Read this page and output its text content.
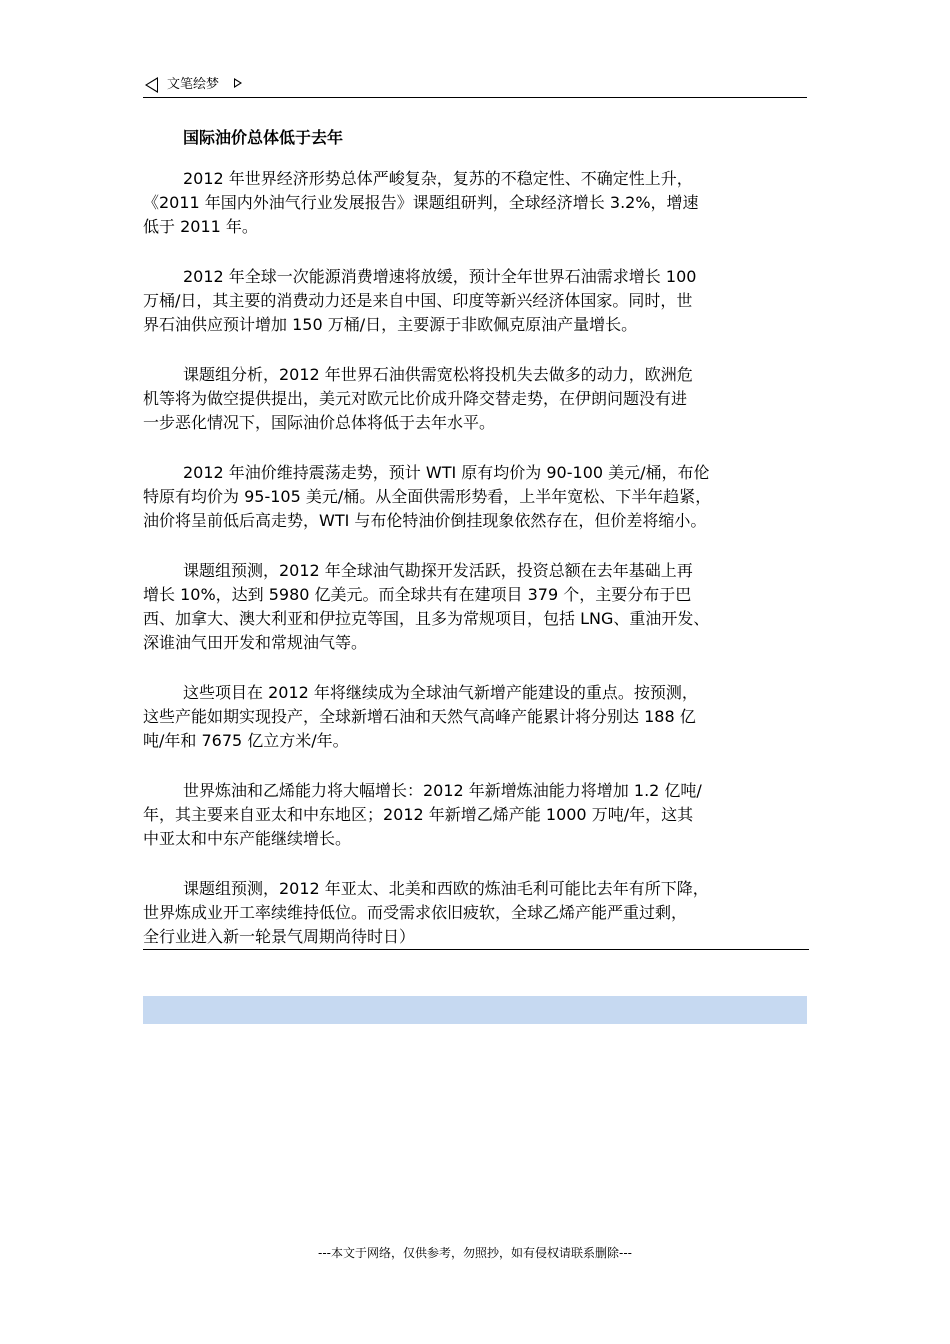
文笔绘梦
国际油价总体低于去年

2012 年世界经济形势总体严峻复杂，复苏的不稳定性、不确定性上升，
《2011 年国内外油气行业发展报告》课题组研判，全球经济增长 3.2%，增速
低于 2011 年。

2012 年全球一次能源消费增速将放缓，预计全年世界石油需求增长 100
万桶/日，其主要的消费动力还是来自中国、印度等新兴经济体国家。同时，世
界石油供应预计增加 150 万桶/日，主要源于非欧佩克原油产量增长。

课题组分析，2012 年世界石油供需宽松将投机失去做多的动力，欧洲危
机等将为做空提供提出，美元对欧元比价成升降交替走势，在伊朗问题没有进
一步恶化情况下，国际油价总体将低于去年水平。

2012 年油价维持震荡走势，预计 WTI 原有均价为 90-100 美元/桶，布伦
特原有均价为 95-105 美元/桶。从全面供需形势看，上半年宽松、下半年趋紧，
油价将呈前低后高走势，WTI 与布伦特油价倒挂现象依然存在，但价差将缩小。

课题组预测，2012 年全球油气勘探开发活跃，投资总额在去年基础上再
增长 10%，达到 5980 亿美元。而全球共有在建项目 379 个，主要分布于巴
西、加拿大、澳大利亚和伊拉克等国，且多为常规项目，包括 LNG、重油开发、
深谁油气田开发和常规油气等。

这些项目在 2012 年将继续成为全球油气新增产能建设的重点。按预测，
这些产能如期实现投产，全球新增石油和天然气高峰产能累计将分别达 188 亿
吨/年和 7675 亿立方米/年。

世界炼油和乙烯能力将大幅增长：2012 年新增炼油能力将增加 1.2 亿吨/
年，其主要来自亚太和中东地区；2012 年新增乙烯产能 1000 万吨/年，这其
中亚太和中东产能继续增长。

课题组预测，2012 年亚太、北美和西欧的炼油毛利可能比去年有所下降，
世界炼成业开工率续维持低位。而受需求依旧疲软，全球乙烯产能严重过剩，
全行业进入新一轮景气周期尚待时日）

---本文于网络，仅供参考，勿照抄，如有侵权请联系删除---
